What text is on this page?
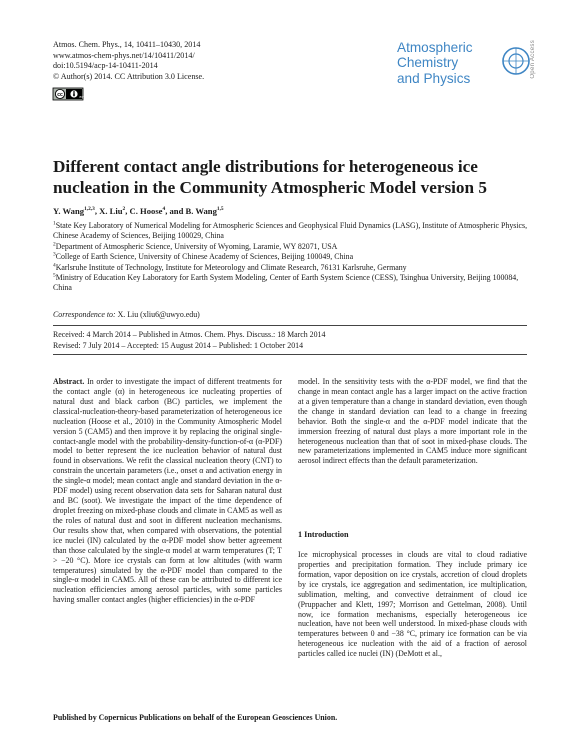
Atmos. Chem. Phys., 14, 10411–10430, 2014
www.atmos-chem-phys.net/14/10411/2014/
doi:10.5194/acp-14-10411-2014
© Author(s) 2014. CC Attribution 3.0 License.
cc	BY
Atmospheric
Chemistry
and Physics	Open Access
Different contact angle distributions for heterogeneous ice nucleation in the Community Atmospheric Model version 5
Y. Wang$^{1,2,3}$, X. Liu$^2$, C. Hoose$^4$, and B. Wang$^{1,5}$
$^1$State Key Laboratory of Numerical Modeling for Atmospheric Sciences and Geophysical Fluid Dynamics (LASG), Institute of Atmospheric Physics, Chinese Academy of Sciences, Beijing 100029, China
$^2$Department of Atmospheric Science, University of Wyoming, Laramie, WY 82071, USA
$^3$College of Earth Science, University of Chinese Academy of Sciences, Beijing 100049, China
$^4$Karlsruhe Institute of Technology, Institute for Meteorology and Climate Research, 76131 Karlsruhe, Germany
$^5$Ministry of Education Key Laboratory for Earth System Modeling, Center of Earth System Science (CESS), Tsinghua University, Beijing 100084, China
Correspondence to: X. Liu (xliu6@uwyo.edu)
Received: 4 March 2014 – Published in Atmos. Chem. Phys. Discuss.: 18 March 2014
Revised: 7 July 2014 – Accepted: 15 August 2014 – Published: 1 October 2014
Abstract. In order to investigate the impact of different treatments for the contact angle (α) in heterogeneous ice nucleating properties of natural dust and black carbon (BC) particles, we implement the classical-nucleation-theory-based parameterization of heterogeneous ice nucleation (Hoose et al., 2010) in the Community Atmospheric Model version 5 (CAM5) and then improve it by replacing the original single-contact-angle model with the probability-density-function-of-α (α-PDF) model to better represent the ice nucleation behavior of natural dust found in observations. We refit the classical nucleation theory (CNT) to constrain the uncertain parameters (i.e., onset α and activation energy in the single-α model; mean contact angle and standard deviation in the α-PDF model) using recent observation data sets for Saharan natural dust and BC (soot). We investigate the impact of the time dependence of droplet freezing on mixed-phase clouds and climate in CAM5 as well as the roles of natural dust and soot in different nucleation mechanisms. Our results show that, when compared with observations, the potential ice nuclei (IN) calculated by the α-PDF model show better agreement than those calculated by the single-α model at warm temperatures (T; T > −20 °C). More ice crystals can form at low altitudes (with warm temperatures) simulated by the α-PDF model than compared to the single-α model in CAM5. All of these can be attributed to different ice nucleation efficiencies among aerosol particles, with some particles having smaller contact angles (higher efficiencies) in the α-PDF
model. In the sensitivity tests with the α-PDF model, we find that the change in mean contact angle has a larger impact on the active fraction at a given temperature than a change in standard deviation, even though the change in standard deviation can lead to a change in freezing behavior. Both the single-α and the α-PDF model indicate that the immersion freezing of natural dust plays a more important role in the heterogeneous nucleation than that of soot in mixed-phase clouds. The new parameterizations implemented in CAM5 induce more significant aerosol indirect effects than the default parameterization.
1 Introduction
Ice microphysical processes in clouds are vital to cloud radiative properties and precipitation formation. They include primary ice formation, vapor deposition on ice crystals, accretion of cloud droplets by ice crystals, ice aggregation and sedimentation, ice multiplication, sublimation, melting, and convective detrainment of cloud ice (Pruppacher and Klett, 1997; Morrison and Gettelman, 2008). Until now, ice formation mechanisms, especially heterogeneous ice nucleation, have not been well understood. In mixed-phase clouds with temperatures between 0 and −38 °C, primary ice formation can be via heterogeneous ice nucleation with the aid of a fraction of aerosol particles called ice nuclei (IN) (DeMott et al.,
Published by Copernicus Publications on behalf of the European Geosciences Union.
